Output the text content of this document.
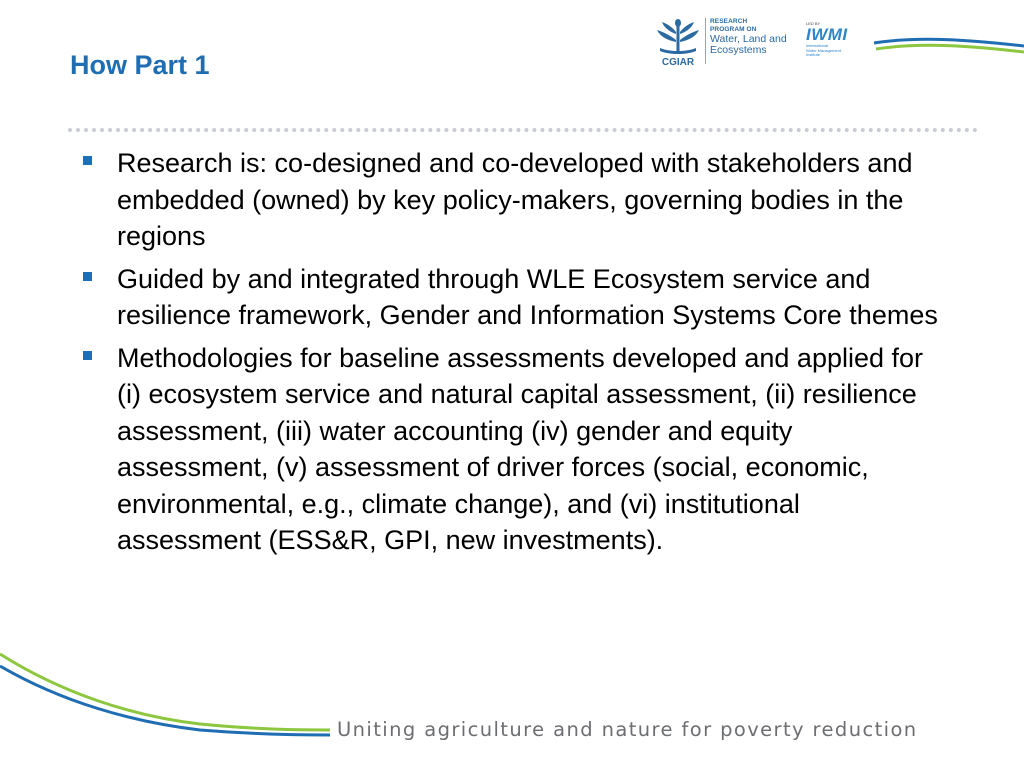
How Part 1	CGIAR
RESEARCH
PROGRAM ON
Water, Land and
Ecosystems
LED BY
IWMI
International
Water Management
Institute
Research is: co-designed and co-developed with stakeholders and embedded (owned) by key policy-makers, governing bodies in the regions
Guided by and integrated through WLE Ecosystem service and resilience framework, Gender and Information Systems Core themes
Methodologies for baseline assessments developed and applied for (i) ecosystem service and natural capital assessment, (ii) resilience assessment, (iii) water accounting (iv) gender and equity assessment, (v) assessment of driver forces (social, economic, environmental, e.g., climate change), and (vi) institutional assessment (ESS&R, GPI, new investments).
Uniting agriculture and nature for poverty reduction
